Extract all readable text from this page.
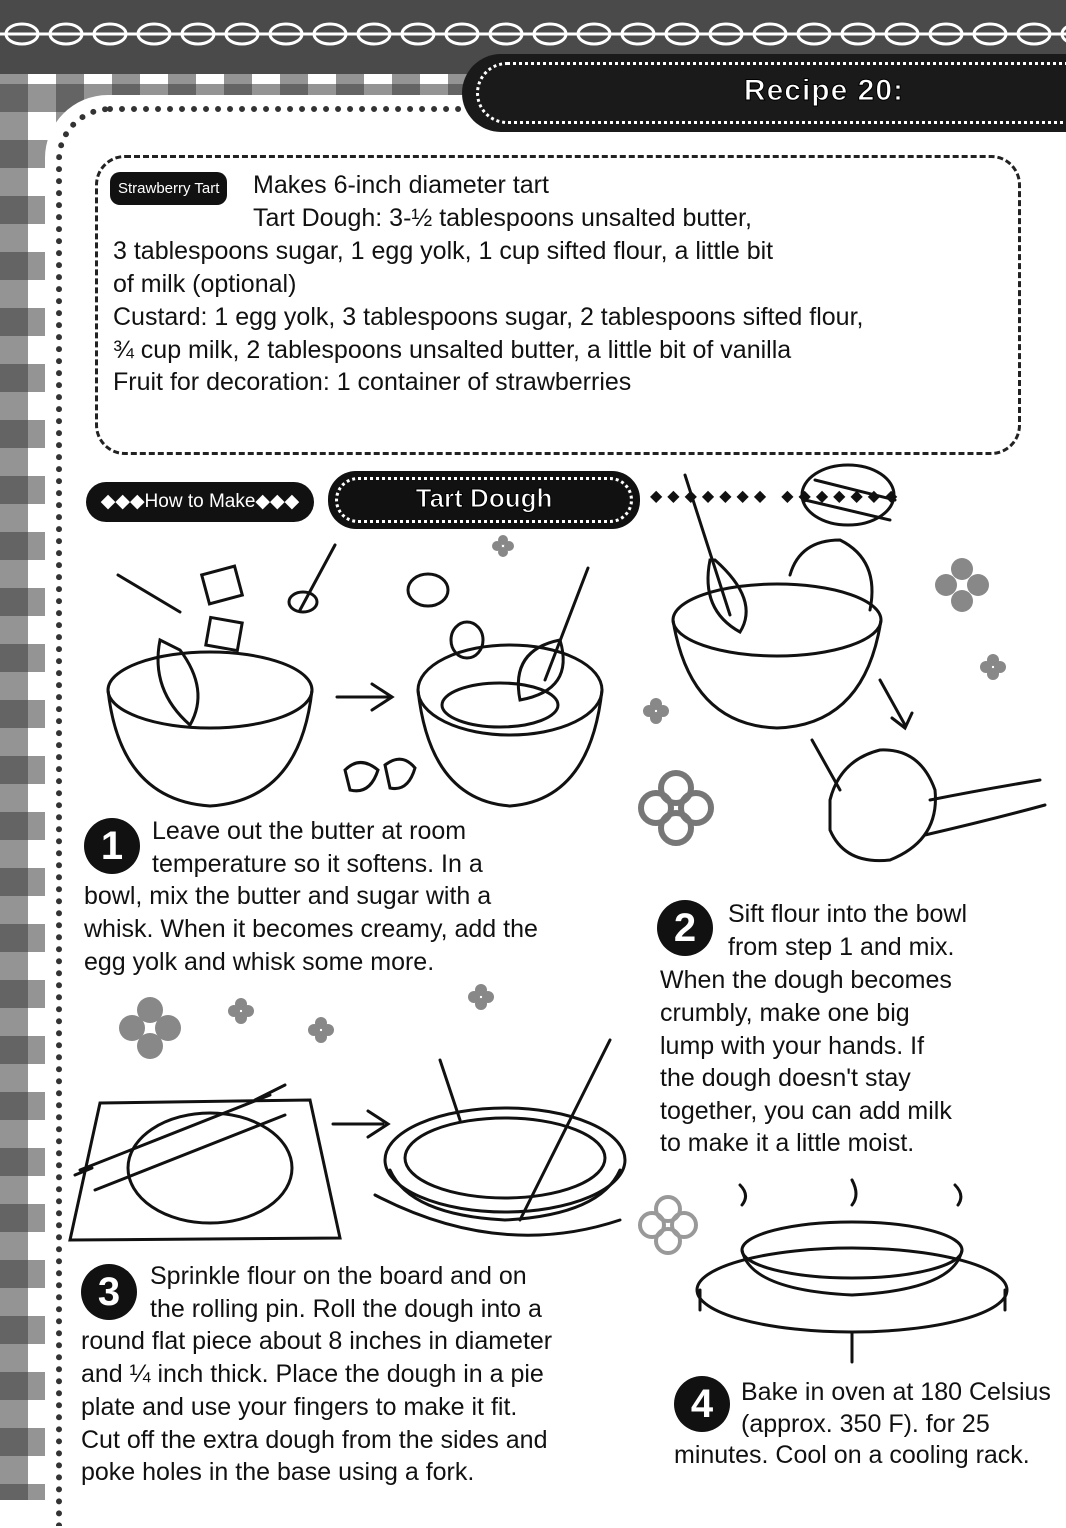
Recipe 20:
Strawberry Tart	Makes 6-inch diameter tart
Tart Dough: 3-½ tablespoons unsalted butter,
3 tablespoons sugar, 1 egg yolk, 1 cup sifted flour, a little bit
of milk (optional)
Custard: 1 egg yolk, 3 tablespoons sugar, 2 tablespoons sifted flour,
¾ cup milk, 2 tablespoons unsalted butter, a little bit of vanilla
Fruit for decoration: 1 container of strawberries
◆◆◆How to Make◆◆◆	Tart Dough	◆◆◆◆◆◆◆ ◆◆◆◆◆◆◆
1	Leave out the butter at room
temperature so it softens. In a
bowl, mix the butter and sugar with a
whisk. When it becomes creamy, add the
egg yolk and whisk some more.
2	Sift flour into the bowl
from step 1 and mix.
When the dough becomes
crumbly, make one big
lump with your hands. If
the dough doesn't stay
together, you can add milk
to make it a little moist.
3	Sprinkle flour on the board and on
the rolling pin. Roll the dough into a
round flat piece about 8 inches in diameter
and ¼ inch thick. Place the dough in a pie
plate and use your fingers to make it fit.
Cut off the extra dough from the sides and
poke holes in the base using a fork.
4	Bake in oven at 180 Celsius
(approx. 350 F). for 25
minutes. Cool on a cooling rack.
